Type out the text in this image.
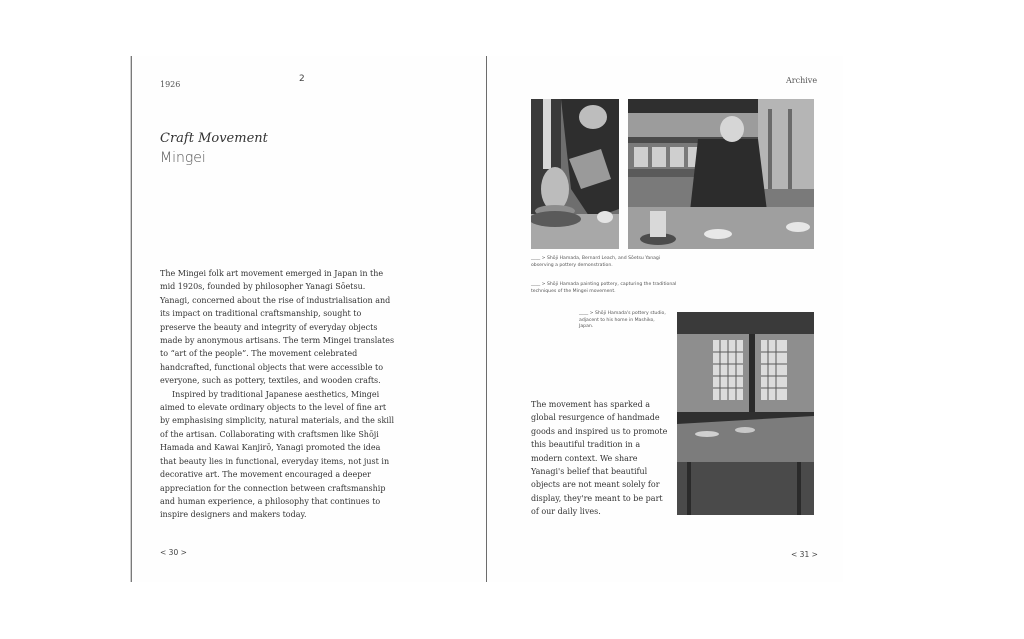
1926
2
Craft Movement
Mingei

The Mingei folk art movement emerged in Japan in the mid 1920s, founded by philosopher Yanagi Sōetsu. Yanagi, concerned about the rise of industrialisation and its impact on traditional craftsmanship, sought to preserve the beauty and integrity of everyday objects made by anonymous artisans. The term Mingei translates to “art of the people”. The movement celebrated handcrafted, functional objects that were accessible to everyone, such as pottery, textiles, and wooden crafts.

Inspired by traditional Japanese aesthetics, Mingei aimed to elevate ordinary objects to the level of fine art by emphasising simplicity, natural materials, and the skill of the artisan. Collaborating with craftsmen like Shōji Hamada and Kawai Kanjirō, Yanagi promoted the idea that beauty lies in functional, everyday items, not just in decorative art. The movement encouraged a deeper appreciation for the connection between craftsmanship and human experience, a philosophy that continues to inspire designers and makers today.

< 30 >
Archive
____ > Shōji Hamada, Bernard Leach, and Sōetsu Yanagi observing a pottery demonstration.
____ > Shōji Hamada painting pottery, capturing the traditional techniques of the Mingei movement.
____ > Shōji Hamada's pottery studio, adjacent to his home in Mashiko, Japan.
The movement has sparked a global resurgence of handmade goods and inspired us to promote this beautiful tradition in a modern context. We share Yanagi's belief that beautiful objects are not meant solely for display, they're meant to be part of our daily lives.
< 31 >
